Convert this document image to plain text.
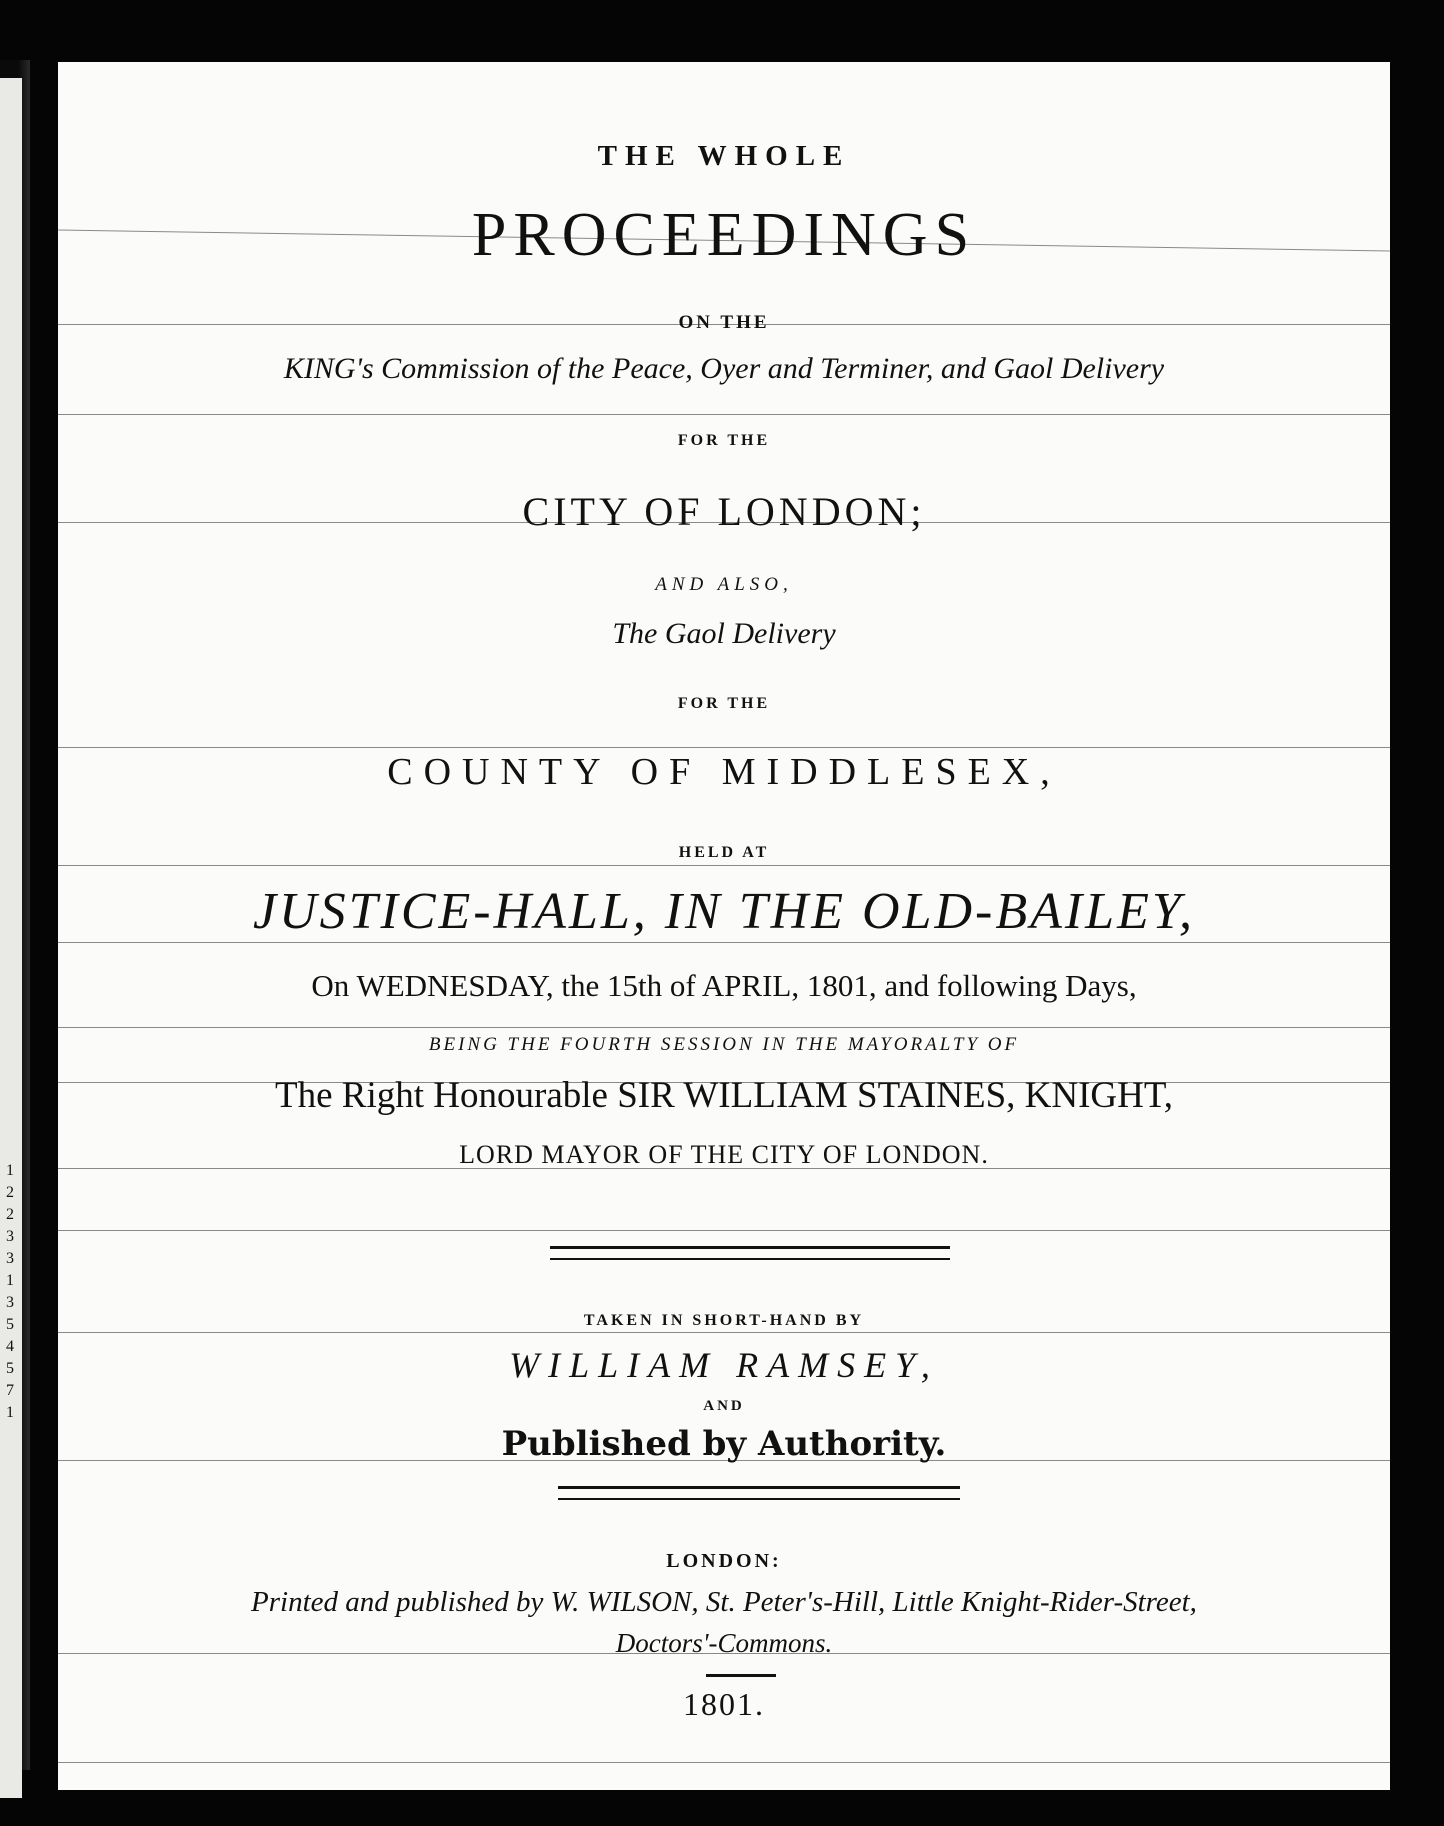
THE WHOLE
PROCEEDINGS
ON THE
KING's Commission of the Peace, Oyer and Terminer, and Gaol Delivery
FOR THE
CITY OF LONDON;
AND ALSO,
The Gaol Delivery
FOR THE
COUNTY OF MIDDLESEX,
HELD AT
JUSTICE-HALL, IN THE OLD-BAILEY,
On WEDNESDAY, the 15th of APRIL, 1801, and following Days,
BEING THE FOURTH SESSION IN THE MAYORALTY OF
The Right Honourable SIR WILLIAM STAINES, KNIGHT,
LORD MAYOR OF THE CITY OF LONDON.
TAKEN IN SHORT-HAND BY
WILLIAM RAMSEY,
AND
Published by Authority.
LONDON:
Printed and published by W. WILSON, St. Peter's-Hill, Little Knight-Rider-Street,
Doctors'-Commons.
1801.
1
2
2
3
3
1
3
5
4
5
7
1
